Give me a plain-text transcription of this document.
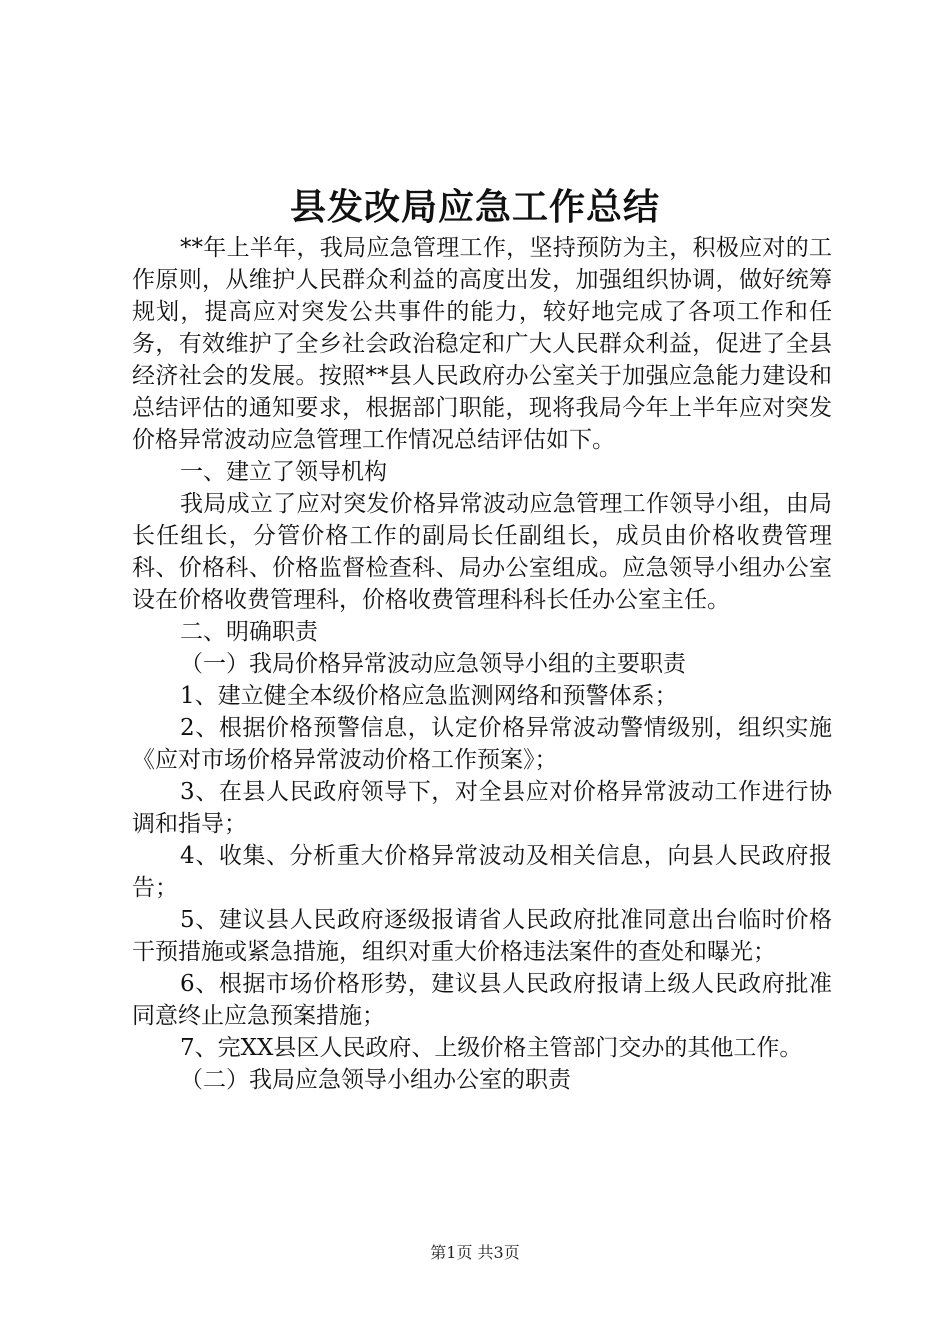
县发改局应急工作总结

**年上半年，我局应急管理工作，坚持预防为主，积极应对的工作原则，从维护人民群众利益的高度出发，加强组织协调，做好统筹规划，提高应对突发公共事件的能力，较好地完成了各项工作和任务，有效维护了全乡社会政治稳定和广大人民群众利益，促进了全县经济社会的发展。按照**县人民政府办公室关于加强应急能力建设和总结评估的通知要求，根据部门职能，现将我局今年上半年应对突发价格异常波动应急管理工作情况总结评估如下。

一、建立了领导机构

我局成立了应对突发价格异常波动应急管理工作领导小组，由局长任组长，分管价格工作的副局长任副组长，成员由价格收费管理科、价格科、价格监督检查科、局办公室组成。应急领导小组办公室设在价格收费管理科，价格收费管理科科长任办公室主任。

二、明确职责

（一）我局价格异常波动应急领导小组的主要职责

1、建立健全本级价格应急监测网络和预警体系；

2、根据价格预警信息，认定价格异常波动警情级别，组织实施《应对市场价格异常波动价格工作预案》；

3、在县人民政府领导下，对全县应对价格异常波动工作进行协调和指导；

4、收集、分析重大价格异常波动及相关信息，向县人民政府报告；

5、建议县人民政府逐级报请省人民政府批准同意出台临时价格干预措施或紧急措施，组织对重大价格违法案件的查处和曝光；

6、根据市场价格形势，建议县人民政府报请上级人民政府批准同意终止应急预案措施；

7、完XX县区人民政府、上级价格主管部门交办的其他工作。

（二）我局应急领导小组办公室的职责

第1页 共3页
